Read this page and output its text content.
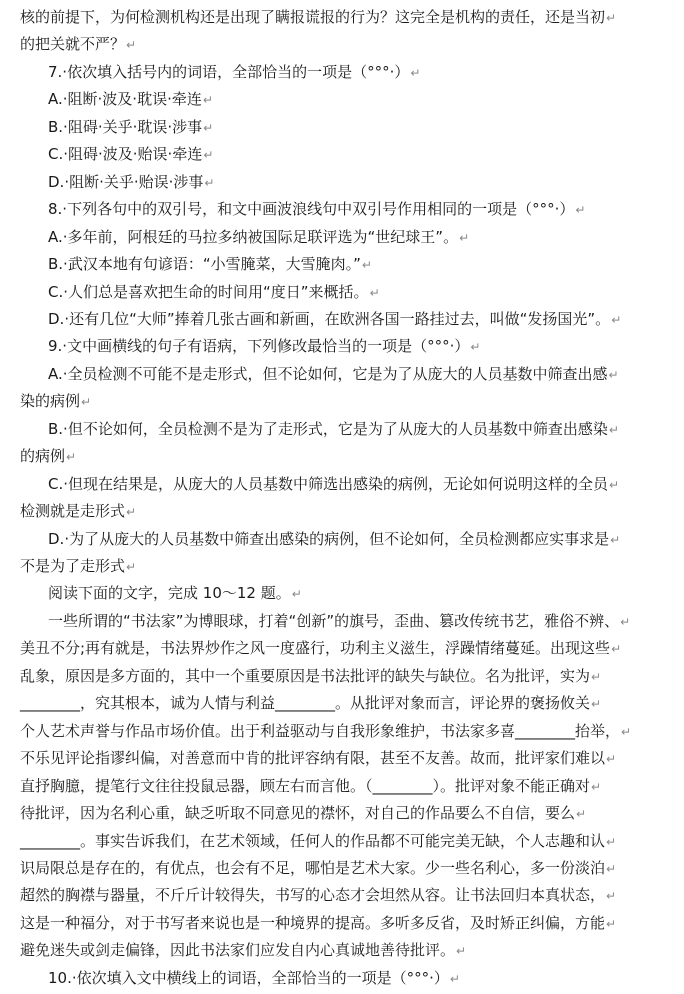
核的前提下，为何检测机构还是出现了瞒报谎报的行为？这完全是机构的责任，还是当初↵
的把关就不严？↵
7.·依次填入括号内的词语，全部恰当的一项是（°°°·）↵
A.·阻断·波及·耽误·牵连↵
B.·阻碍·关乎·耽误·涉事↵
C.·阻碍·波及·贻误·牵连↵
D.·阻断·关乎·贻误·涉事↵
8.·下列各句中的双引号，和文中画波浪线句中双引号作用相同的一项是（°°°·）↵
A.·多年前，阿根廷的马拉多纳被国际足联评选为“世纪球王”。↵
B.·武汉本地有句谚语：“小雪腌菜，大雪腌肉。”↵
C.·人们总是喜欢把生命的时间用“度日”来概括。↵
D.·还有几位“大师”捧着几张古画和新画，在欧洲各国一路挂过去，叫做“发扬国光”。↵
9.·文中画横线的句子有语病，下列修改最恰当的一项是（°°°·）↵
A.·全员检测不可能不是走形式，但不论如何，它是为了从庞大的人员基数中筛查出感↵
染的病例↵
B.·但不论如何，全员检测不是为了走形式，它是为了从庞大的人员基数中筛查出感染↵
的病例↵
C.·但现在结果是，从庞大的人员基数中筛选出感染的病例，无论如何说明这样的全员↵
检测就是走形式↵
D.·为了从庞大的人员基数中筛查出感染的病例，但不论如何，全员检测都应实事求是↵
不是为了走形式↵
阅读下面的文字，完成 10～12 题。↵
一些所谓的“书法家”为博眼球，打着“创新”的旗号，歪曲、篡改传统书艺，雅俗不辨、↵
美丑不分;再有就是，书法界炒作之风一度盛行，功利主义滋生，浮躁情绪蔓延。出现这些↵
乱象，原因是多方面的，其中一个重要原因是书法批评的缺失与缺位。名为批评，实为↵
________，究其根本，诚为人情与利益________。从批评对象而言，评论界的褒扬攸关↵
个人艺术声誉与作品市场价值。出于利益驱动与自我形象维护，书法家多喜________抬举，↵
不乐见评论指谬纠偏，对善意而中肯的批评容纳有限，甚至不友善。故而，批评家们难以↵
直抒胸臆，提笔行文往往投鼠忌器，顾左右而言他。（________）。批评对象不能正确对↵
待批评，因为名利心重，缺乏听取不同意见的襟怀，对自己的作品要么不自信，要么↵
________。事实告诉我们，在艺术领域，任何人的作品都不可能完美无缺，个人志趣和认↵
识局限总是存在的，有优点，也会有不足，哪怕是艺术大家。少一些名利心，多一份淡泊↵
超然的胸襟与器量，不斤斤计较得失，书写的心态才会坦然从容。让书法回归本真状态，↵
这是一种福分，对于书写者来说也是一种境界的提高。多听多反省，及时矫正纠偏，方能↵
避免迷失或剑走偏锋，因此书法家们应发自内心真诚地善待批评。↵
10.·依次填入文中横线上的词语，全部恰当的一项是（°°°·）↵
